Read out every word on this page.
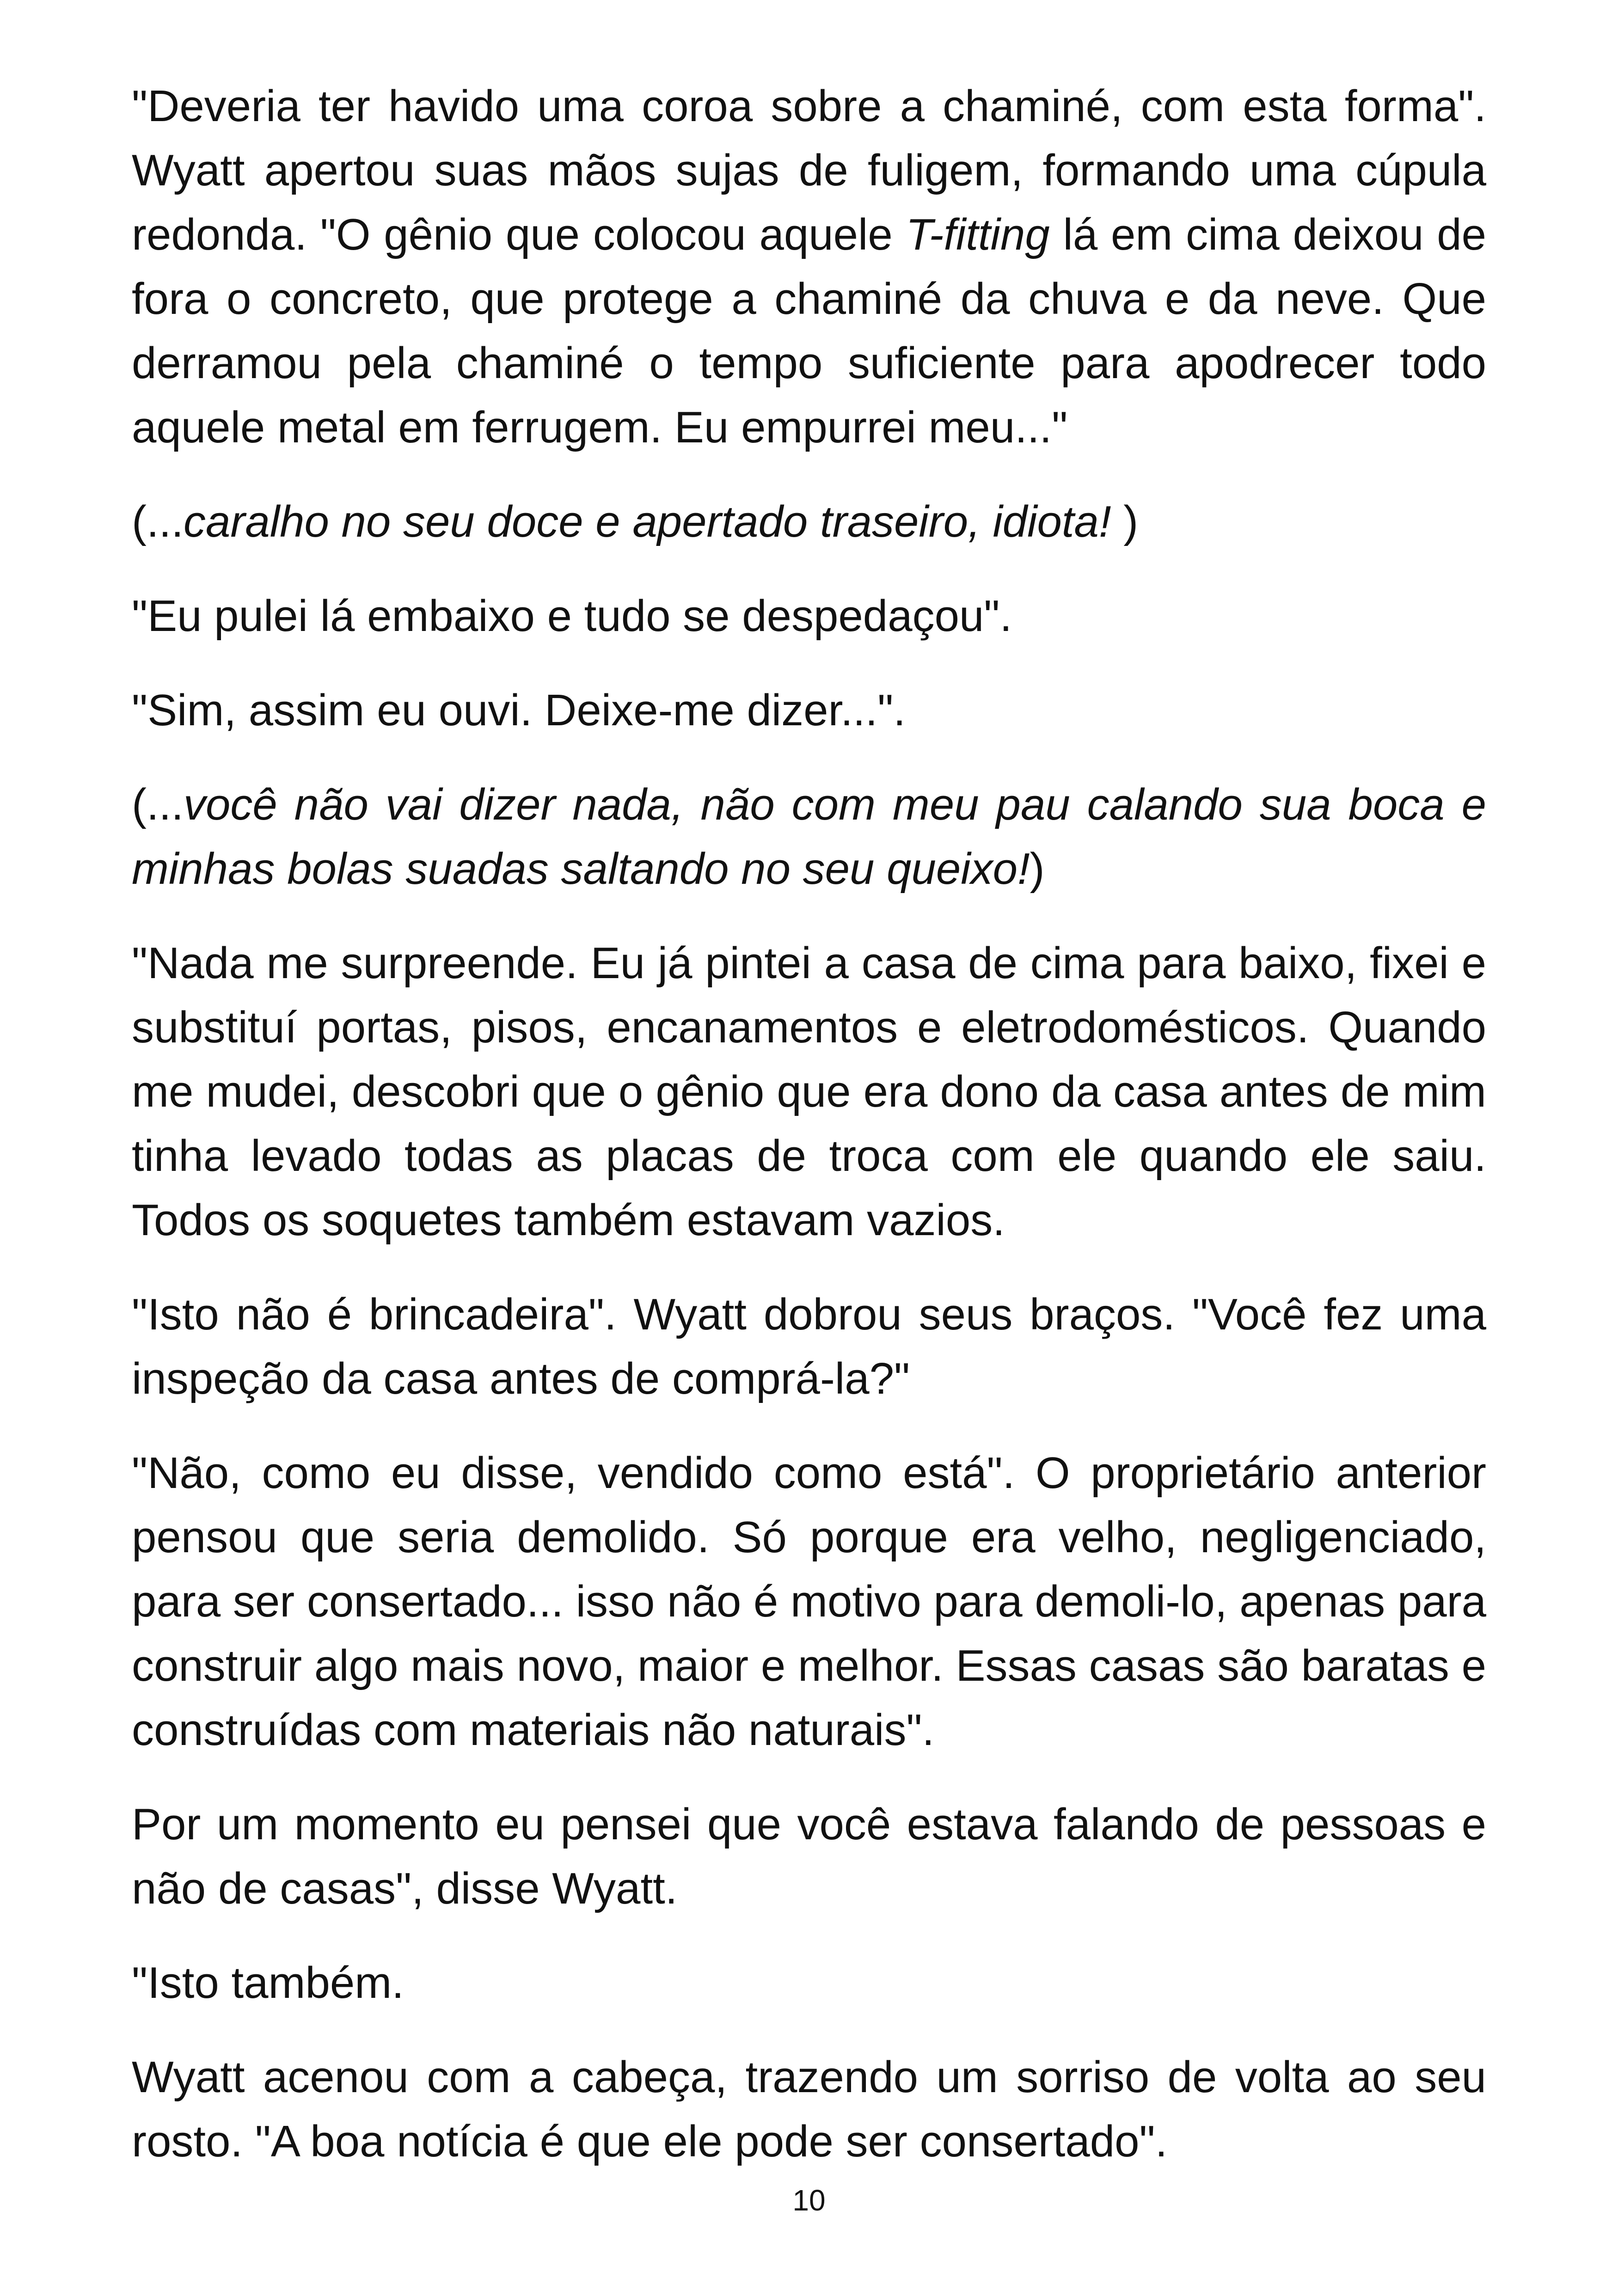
"Deveria ter havido uma coroa sobre a chaminé, com esta forma". Wyatt apertou suas mãos sujas de fuligem, formando uma cúpula redonda. "O gênio que colocou aquele T-fitting lá em cima deixou de fora o concreto, que protege a chaminé da chuva e da neve. Que derramou pela chaminé o tempo suficiente para apodrecer todo aquele metal em ferrugem. Eu empurrei meu..."

(...caralho no seu doce e apertado traseiro, idiota! )

"Eu pulei lá embaixo e tudo se despedaçou".

"Sim, assim eu ouvi. Deixe-me dizer...".

(...você não vai dizer nada, não com meu pau calando sua boca e minhas bolas suadas saltando no seu queixo!)

"Nada me surpreende. Eu já pintei a casa de cima para baixo, fixei e substituí portas, pisos, encanamentos e eletrodomésticos. Quando me mudei, descobri que o gênio que era dono da casa antes de mim tinha levado todas as placas de troca com ele quando ele saiu. Todos os soquetes também estavam vazios.

"Isto não é brincadeira". Wyatt dobrou seus braços. "Você fez uma inspeção da casa antes de comprá-la?"

"Não, como eu disse, vendido como está". O proprietário anterior pensou que seria demolido. Só porque era velho, negligenciado, para ser consertado... isso não é motivo para demoli-lo, apenas para construir algo mais novo, maior e melhor. Essas casas são baratas e construídas com materiais não naturais".

Por um momento eu pensei que você estava falando de pessoas e não de casas", disse Wyatt.

"Isto também.

Wyatt acenou com a cabeça, trazendo um sorriso de volta ao seu rosto. "A boa notícia é que ele pode ser consertado".

10
